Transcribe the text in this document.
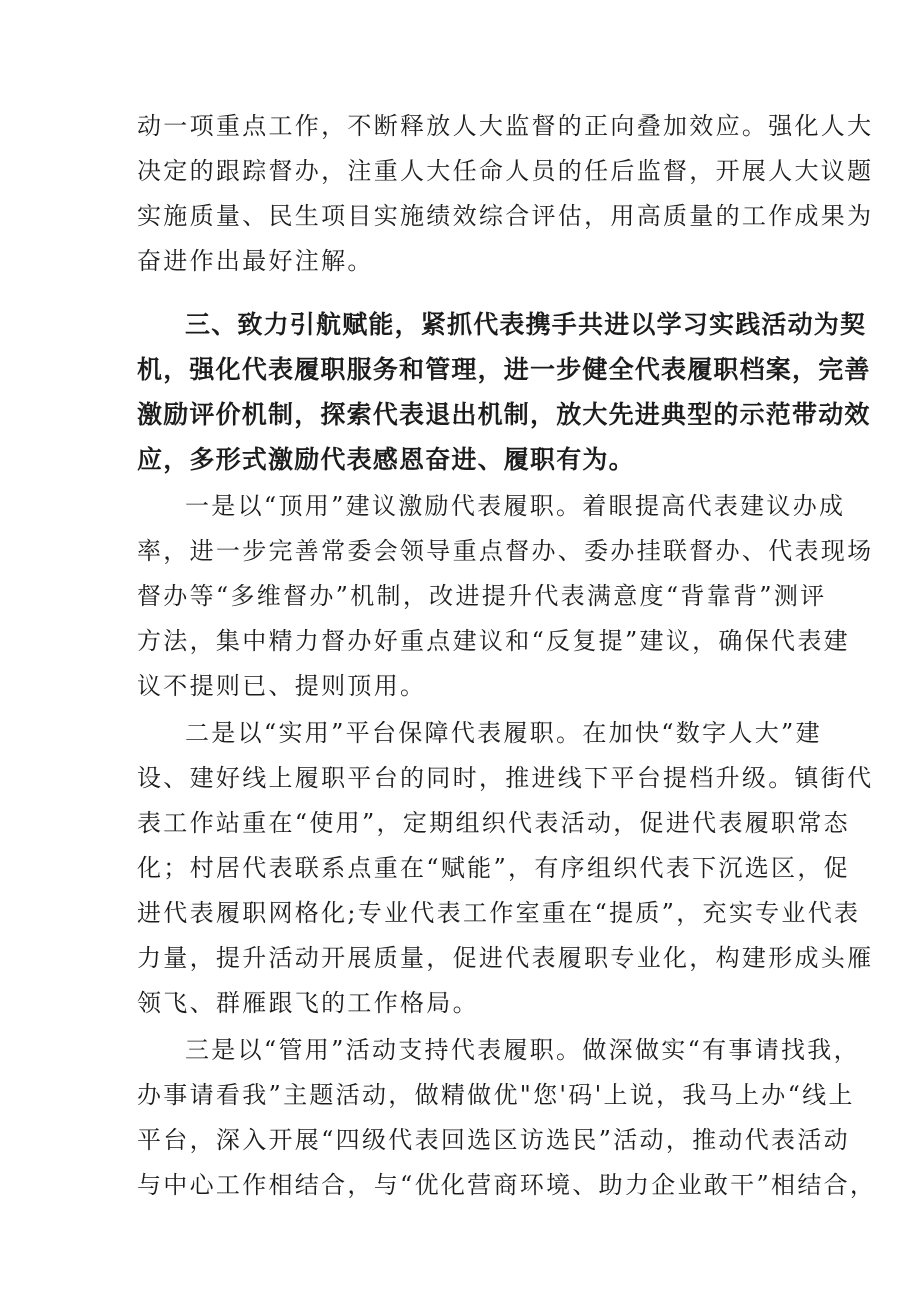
动一项重点工作，不断释放人大监督的正向叠加效应。强化人大
决定的跟踪督办，注重人大任命人员的任后监督，开展人大议题
实施质量、民生项目实施绩效综合评估，用高质量的工作成果为
奋进作出最好注解。
三、致力引航赋能，紧抓代表携手共进以学习实践活动为契
机，强化代表履职服务和管理，进一步健全代表履职档案，完善
激励评价机制，探索代表退出机制，放大先进典型的示范带动效
应，多形式激励代表感恩奋进、履职有为。
一是以“顶用”建议激励代表履职。着眼提高代表建议办成
率，进一步完善常委会领导重点督办、委办挂联督办、代表现场
督办等“多维督办”机制，改进提升代表满意度“背靠背”测评
方法，集中精力督办好重点建议和“反复提”建议，确保代表建
议不提则已、提则顶用。
二是以“实用”平台保障代表履职。在加快“数字人大”建
设、建好线上履职平台的同时，推进线下平台提档升级。镇街代
表工作站重在“使用”，定期组织代表活动，促进代表履职常态
化；村居代表联系点重在“赋能”，有序组织代表下沉选区，促
进代表履职网格化;专业代表工作室重在“提质”，充实专业代表
力量，提升活动开展质量，促进代表履职专业化，构建形成头雁
领飞、群雁跟飞的工作格局。
三是以“管用”活动支持代表履职。做深做实“有事请找我，
办事请看我”主题活动，做精做优"您'码'上说，我马上办“线上
平台，深入开展“四级代表回选区访选民”活动，推动代表活动
与中心工作相结合，与“优化营商环境、助力企业敢干”相结合，
